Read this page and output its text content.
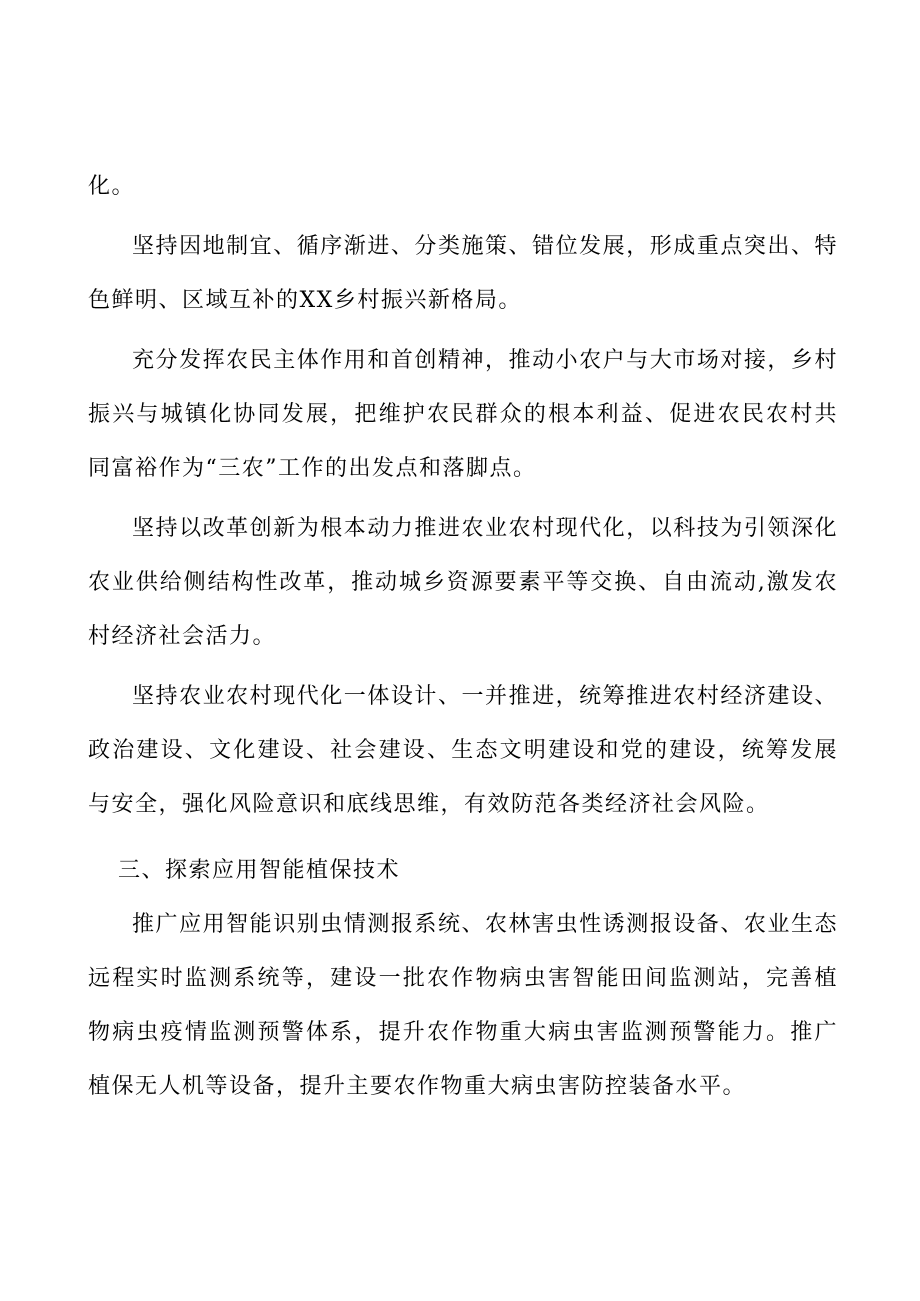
化。

坚持因地制宜、循序渐进、分类施策、错位发展，形成重点突出、特色鲜明、区域互补的XX乡村振兴新格局。

充分发挥农民主体作用和首创精神，推动小农户与大市场对接，乡村振兴与城镇化协同发展，把维护农民群众的根本利益、促进农民农村共同富裕作为“三农”工作的出发点和落脚点。

坚持以改革创新为根本动力推进农业农村现代化，以科技为引领深化农业供给侧结构性改革，推动城乡资源要素平等交换、自由流动,激发农村经济社会活力。

坚持农业农村现代化一体设计、一并推进，统筹推进农村经济建设、政治建设、文化建设、社会建设、生态文明建设和党的建设，统筹发展与安全，强化风险意识和底线思维，有效防范各类经济社会风险。

三、探索应用智能植保技术

推广应用智能识别虫情测报系统、农林害虫性诱测报设备、农业生态远程实时监测系统等，建设一批农作物病虫害智能田间监测站，完善植物病虫疫情监测预警体系，提升农作物重大病虫害监测预警能力。推广植保无人机等设备，提升主要农作物重大病虫害防控装备水平。
